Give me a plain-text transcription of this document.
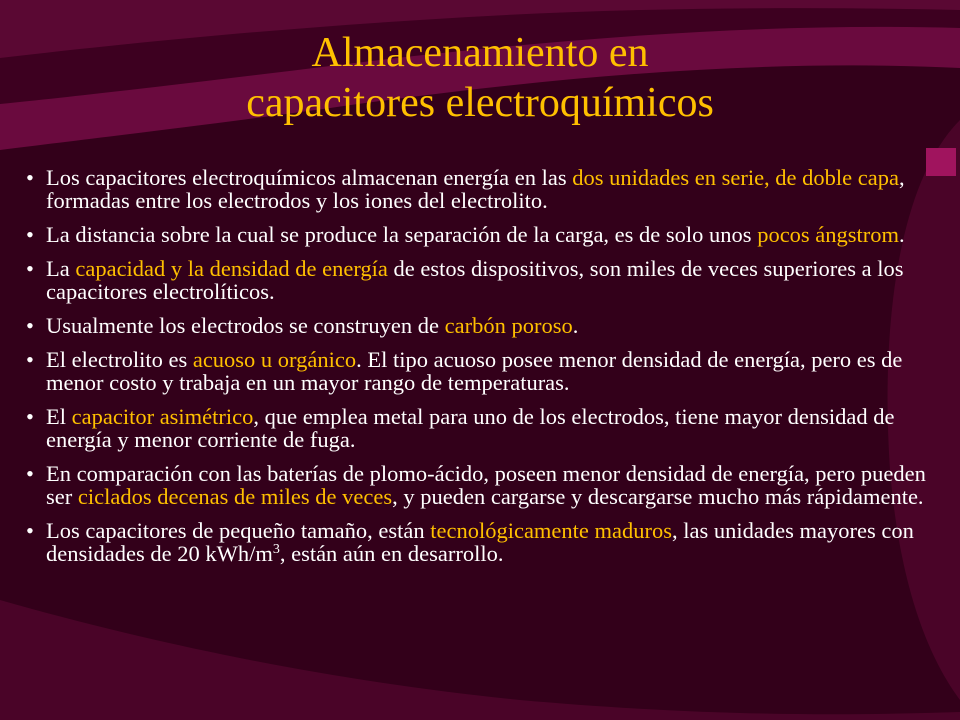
Almacenamiento en
capacitores electroquímicos
• Los capacitores electroquímicos almacenan energía en las dos unidades en serie, de doble capa, formadas entre los electrodos y los iones del electrolito.
• La distancia sobre la cual se produce la separación de la carga, es de solo unos pocos ángstrom.
• La capacidad y la densidad de energía de estos dispositivos, son miles de veces superiores a los capacitores electrolíticos.
• Usualmente los electrodos se construyen de carbón poroso.
• El electrolito es acuoso u orgánico. El tipo acuoso posee menor densidad de energía, pero es de menor costo y trabaja en un mayor rango de temperaturas.
• El capacitor asimétrico, que emplea metal para uno de los electrodos, tiene mayor densidad de energía y menor corriente de fuga.
• En comparación con las baterías de plomo-ácido, poseen menor densidad de energía, pero pueden ser ciclados decenas de miles de veces, y pueden cargarse y descargarse mucho más rápidamente.
• Los capacitores de pequeño tamaño, están tecnológicamente maduros, las unidades mayores con densidades de 20 kWh/$m^3$, están aún en desarrollo.
